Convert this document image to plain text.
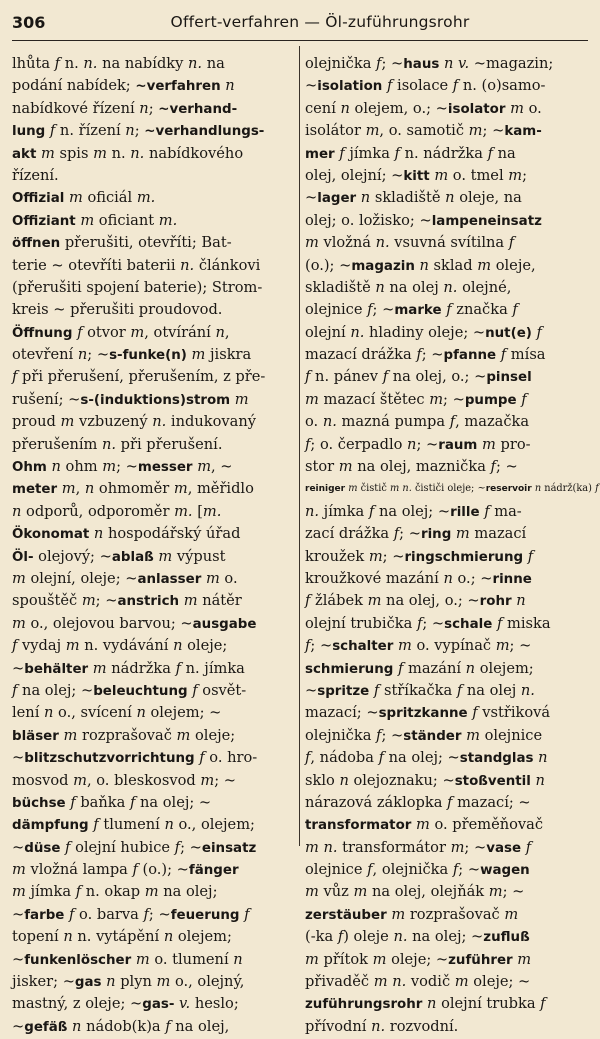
306	Offert-verfahren — Öl-zuführungsrohr
lhůta f n. n. na nabídky n. na
podání nabídek; ~verfahren n
nabídkové řízení n; ~verhand-
lung f n. řízení n; ~verhandlungs-
akt m spis m n. n. nabídkového
řízení.
Offizial m oficiál m.
Offiziant m oficiant m.
öffnen přerušiti, otevříti; Bat-
terie ~ otevříti baterii n. článkovi
(přerušiti spojení baterie); Strom-
kreis ~ přerušiti proudovod.
Öffnung f otvor m, otvírání n,
otevření n; ~s-funke(n) m jiskra
f při přerušení, přerušením, z pře-
rušení; ~s-(induktions)strom m
proud m vzbuzený n. indukovaný
přerušením n. při přerušení.
Ohm n ohm m; ~messer m, ~
meter m, n ohmoměr m, měřidlo
n odporů, odporoměr m. [m.
Ökonomat n hospodářský úřad
Öl- olejový; ~ablaß m výpust
m olejní, oleje; ~anlasser m o.
spouštěč m; ~anstrich m nátěr
m o., olejovou barvou; ~ausgabe
f vydaj m n. vydávání n oleje;
~behälter m nádržka f n. jímka
f na olej; ~beleuchtung f osvět-
lení n o., svícení n olejem; ~
bläser m rozprašovač m oleje;
~blitzschutzvorrichtung f o. hro-
mosvod m, o. bleskosvod m; ~
büchse f baňka f na olej; ~
dämpfung f tlumení n o., olejem;
~düse f olejní hubice f; ~einsatz
m vložná lampa f (o.); ~fänger
m jímka f n. okap m na olej;
~farbe f o. barva f; ~feuerung f
topení n n. vytápění n olejem;
~funkenlöscher m o. tlumení n
jisker; ~gas n plyn m o., olejný,
mastný, z oleje; ~gas- v. heslo;
~gefäß n nádob(k)a f na olej,
olejnička f; ~haus n v. ~magazin;
~isolation f isolace f n. (o)samo-
cení n olejem, o.; ~isolator m o.
isolátor m, o. samotič m; ~kam-
mer f jímka f n. nádržka f na
olej, olejní; ~kitt m o. tmel m;
~lager n skladiště n oleje, na
olej; o. ložisko; ~lampeneinsatz
m vložná n. vsuvná svítilna f
(o.); ~magazin n sklad m oleje,
skladiště n na olej n. olejné,
olejnice f; ~marke f značka f
olejní n. hladiny oleje; ~nut(e) f
mazací drážka f; ~pfanne f mísa
f n. pánev f na olej, o.; ~pinsel
m mazací štětec m; ~pumpe f
o. n. mazná pumpa f, mazačka
f; o. čerpadlo n; ~raum m pro-
stor m na olej, maznička f; ~
reiniger m čistič m n. čističi oleje; ~reservoir n nádrž(ka) f
n. jímka f na olej; ~rille f ma-
zací drážka f; ~ring m mazací
kroužek m; ~ringschmierung f
kroužkové mazání n o.; ~rinne
f žlábek m na olej, o.; ~rohr n
olejní trubička f; ~schale f miska
f; ~schalter m o. vypínač m; ~
schmierung f mazání n olejem;
~spritze f stříkačka f na olej n.
mazací; ~spritzkanne f vstřiková
olejnička f; ~ständer m olejnice
f, nádoba f na olej; ~standglas n
sklo n olejoznaku; ~stoßventil n
nárazová záklopka f mazací; ~
transformator m o. přeměňovač
m n. transformátor m; ~vase f
olejnice f, olejnička f; ~wagen
m vůz m na olej, olejňák m; ~
zerstäuber m rozprašovač m
(-ka f) oleje n. na olej; ~zufluß
m přítok m oleje; ~zuführer m
přivaděč m n. vodič m oleje; ~
zuführungsrohr n olejní trubka f
přívodní n. rozvodní.
